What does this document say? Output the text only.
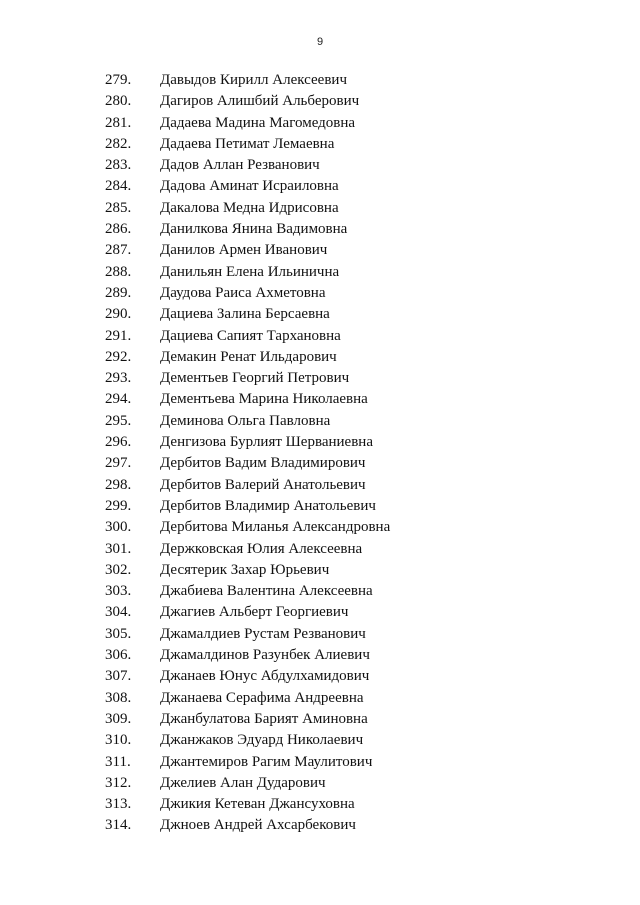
9
279.	Давыдов Кирилл Алексеевич
280.	Дагиров Алишбий Альберович
281.	Дадаева Мадина Магомедовна
282.	Дадаева Петимат Лемаевна
283.	Дадов Аллан Резванович
284.	Дадова Аминат Исраиловна
285.	Дакалова Медна Идрисовна
286.	Данилкова Янина Вадимовна
287.	Данилов Армен Иванович
288.	Данильян Елена Ильинична
289.	Даудова Раиса Ахметовна
290.	Дациева Залина Берсаевна
291.	Дациева Сапият Тархановна
292.	Демакин Ренат Ильдарович
293.	Дементьев Георгий Петрович
294.	Дементьева Марина Николаевна
295.	Деминова Ольга Павловна
296.	Денгизова Бурлият Шерваниевна
297.	Дербитов Вадим Владимирович
298.	Дербитов Валерий Анатольевич
299.	Дербитов Владимир Анатольевич
300.	Дербитова Миланья Александровна
301.	Держковская Юлия Алексеевна
302.	Десятерик Захар Юрьевич
303.	Джабиева Валентина Алексеевна
304.	Джагиев Альберт Георгиевич
305.	Джамалдиев Рустам Резванович
306.	Джамалдинов Разунбек Алиевич
307.	Джанаев Юнус Абдулхамидович
308.	Джанаева Серафима Андреевна
309.	Джанбулатова Барият Аминовна
310.	Джанжаков Эдуард Николаевич
311.	Джантемиров Рагим Маулитович
312.	Джелиев Алан Дударович
313.	Джикия Кетеван Джансуховна
314.	Джноев Андрей Ахсарбекович
